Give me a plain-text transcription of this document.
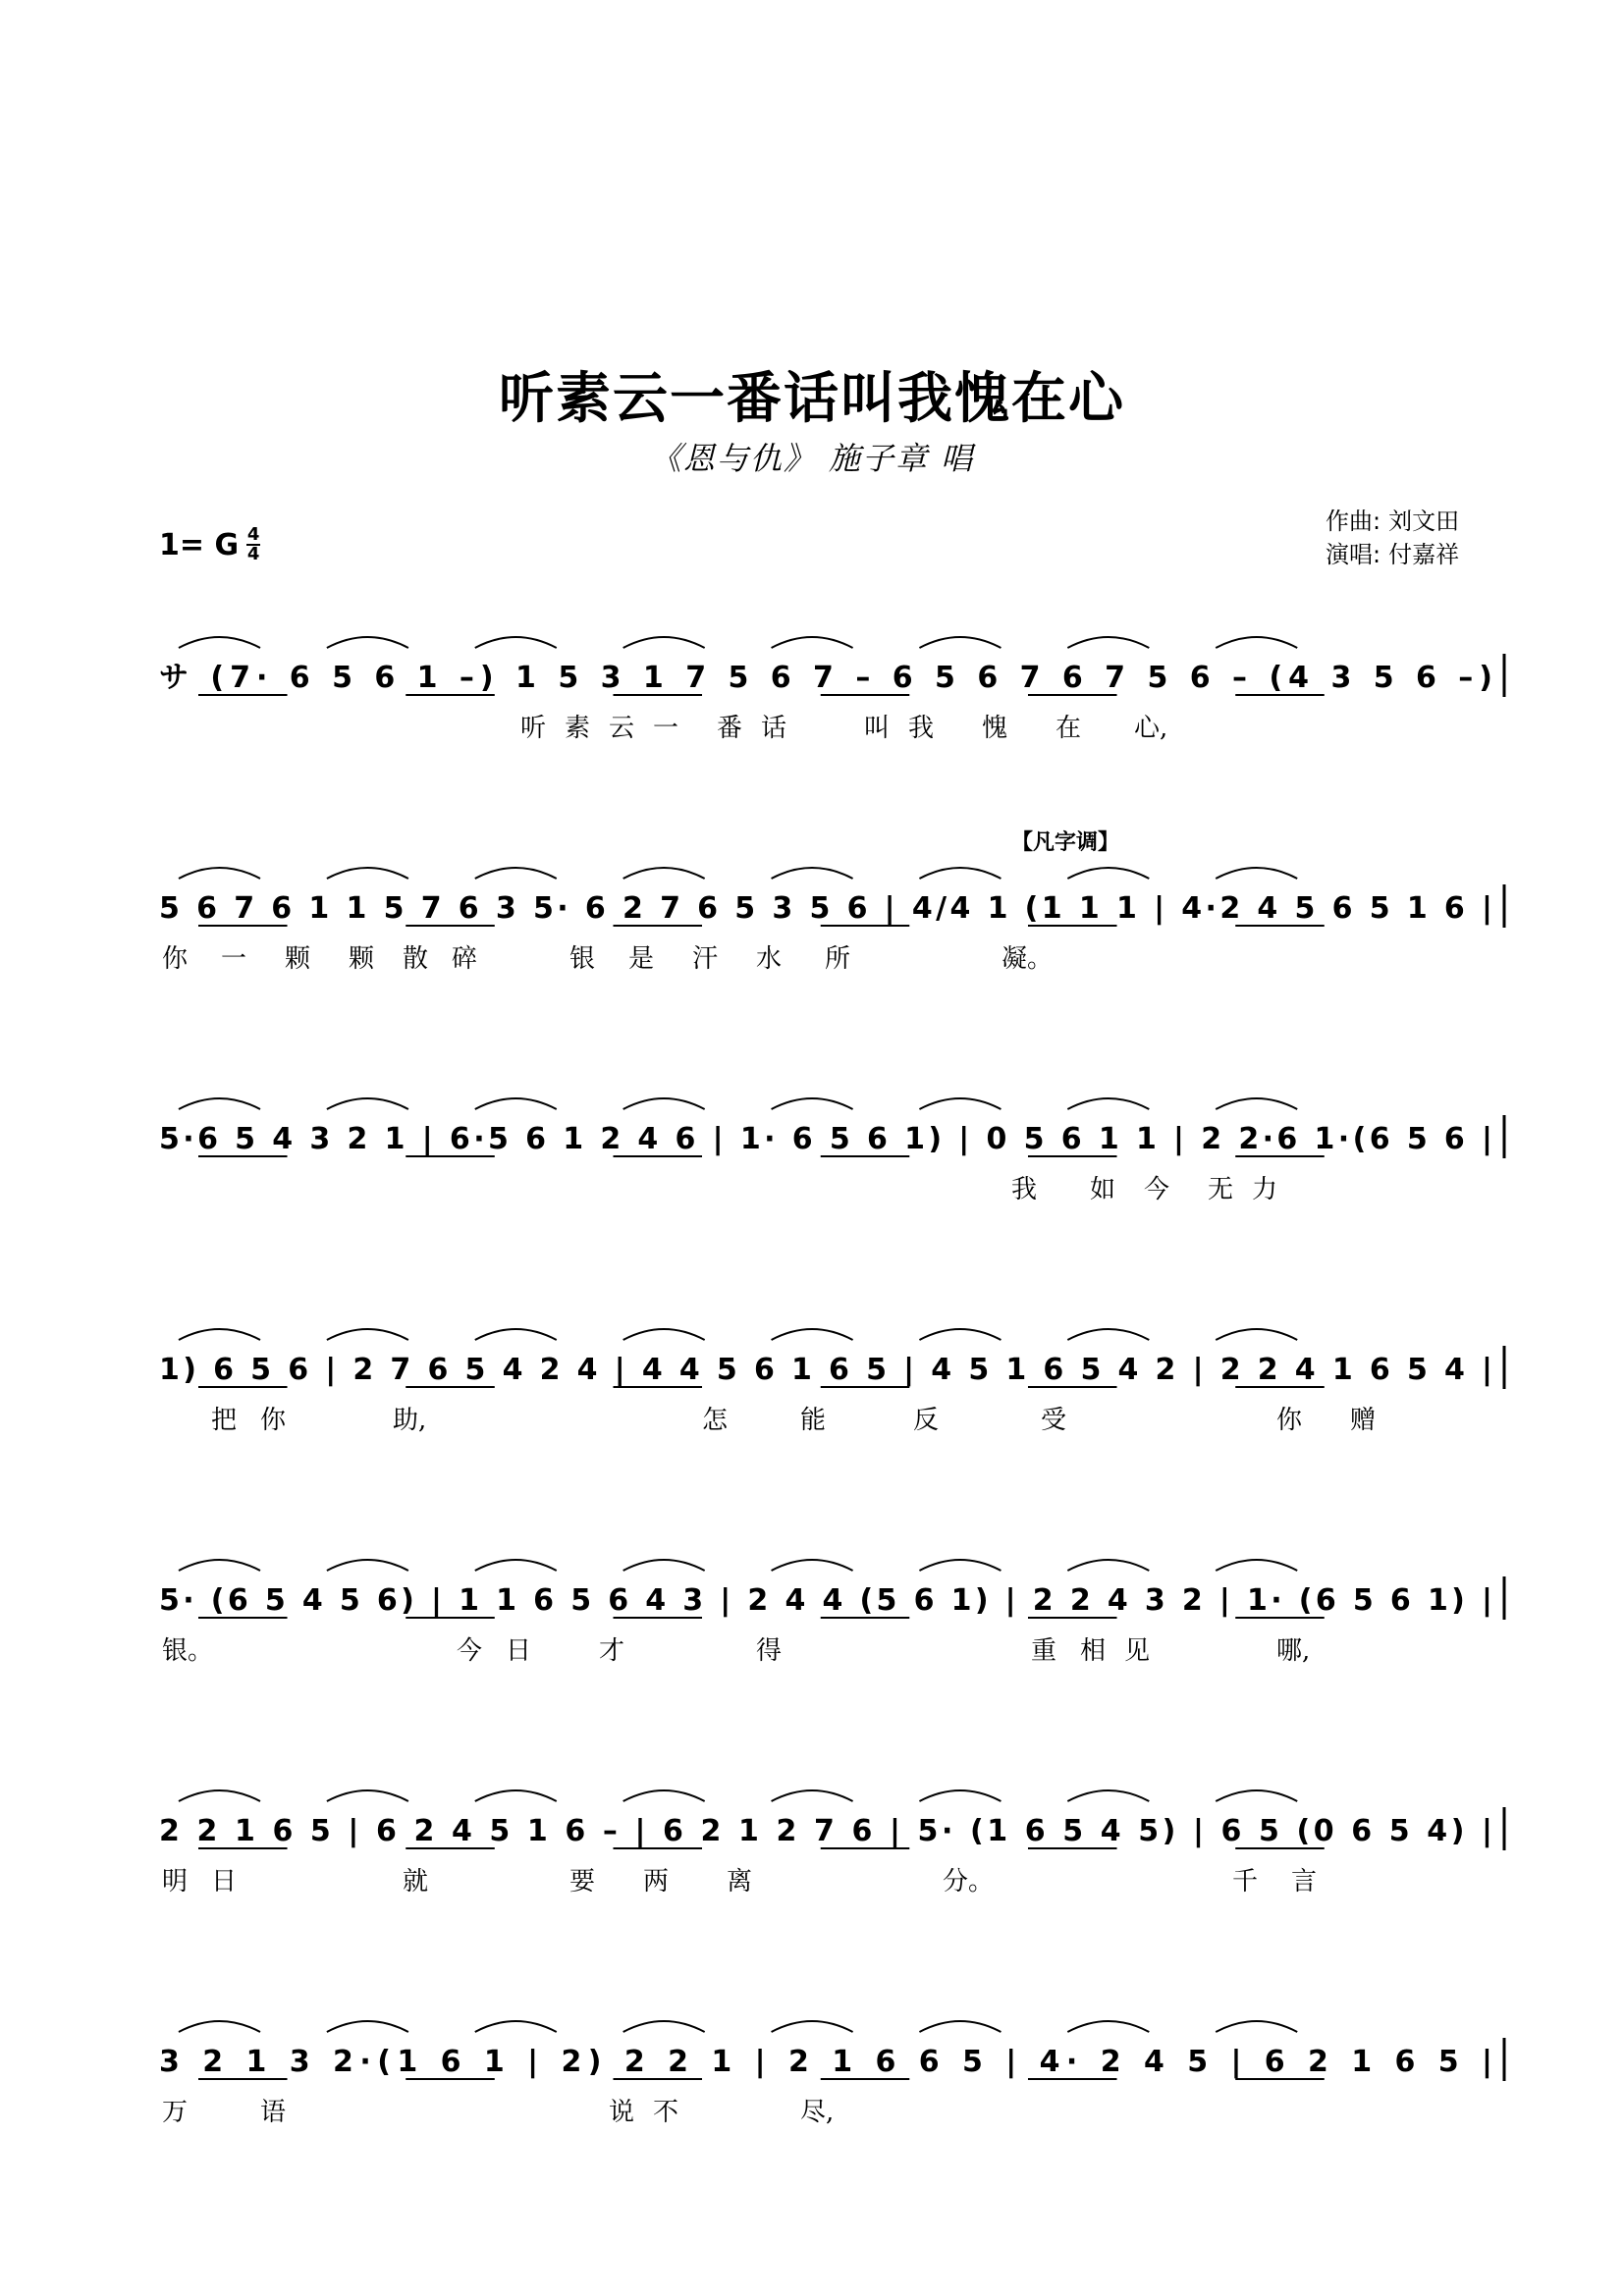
听素云一番话叫我愧在心
《恩与仇》 施子章 唱
1= G $\frac{4}{4}$
作曲: 刘文田
演唱: 付嘉祥
サ (7· 6 5 6 1 –) 1 5 3 1 7 5 6 7 – 6 5 6 7 6 7 5 6 – (4 3 5 6 –)
听 素 云 一 番 话	叫 我 愧 在 心,
5 6 7 6 1 1 5 7 6 3 5· 6 2 7 6 5 3 5 6 | 4/4 1 (1 1 1 | 4·2 4 5 6 5 1 6 |
【凡字调】
你 一 颗 颗 散 碎	银 是 汗 水 所	凝。
5·6 5 4 3 2 1 | 6·5 6 1 2 4 6 | 1· 6 5 6 1) | 0 5 6 1 1 | 2 2·6 1·(6 5 6 |
我 如 今 无 力
1) 6 5 6 | 2 7 6 5 4 2 4 | 4 4 5 6 1 6 5 | 4 5 1 6 5 4 2 | 2 2 4 1 6 5 4 |
把 你	助,	怎	能	反	受	你 赠
5· (6 5 4 5 6) | 1 1 6 5 6 4 3 | 2 4 4 (5 6 1) | 2 2 4 3 2 | 1· (6 5 6 1) |
银。	今 日	才	得	重 相 见	哪,
2 2 1 6 5 | 6 2 4 5 1 6 – | 6 2 1 2 7 6 | 5· (1 6 5 4 5) | 6 5 (0 6 5 4) |
明 日	就	要 两 离	分。	千 言
3 2 1 3 2·(1 6 1 | 2) 2 2 1 | 2 1 6 6 5 | 4· 2 4 5 | 6 2 1 6 5 |
万	语	说 不	尽,
